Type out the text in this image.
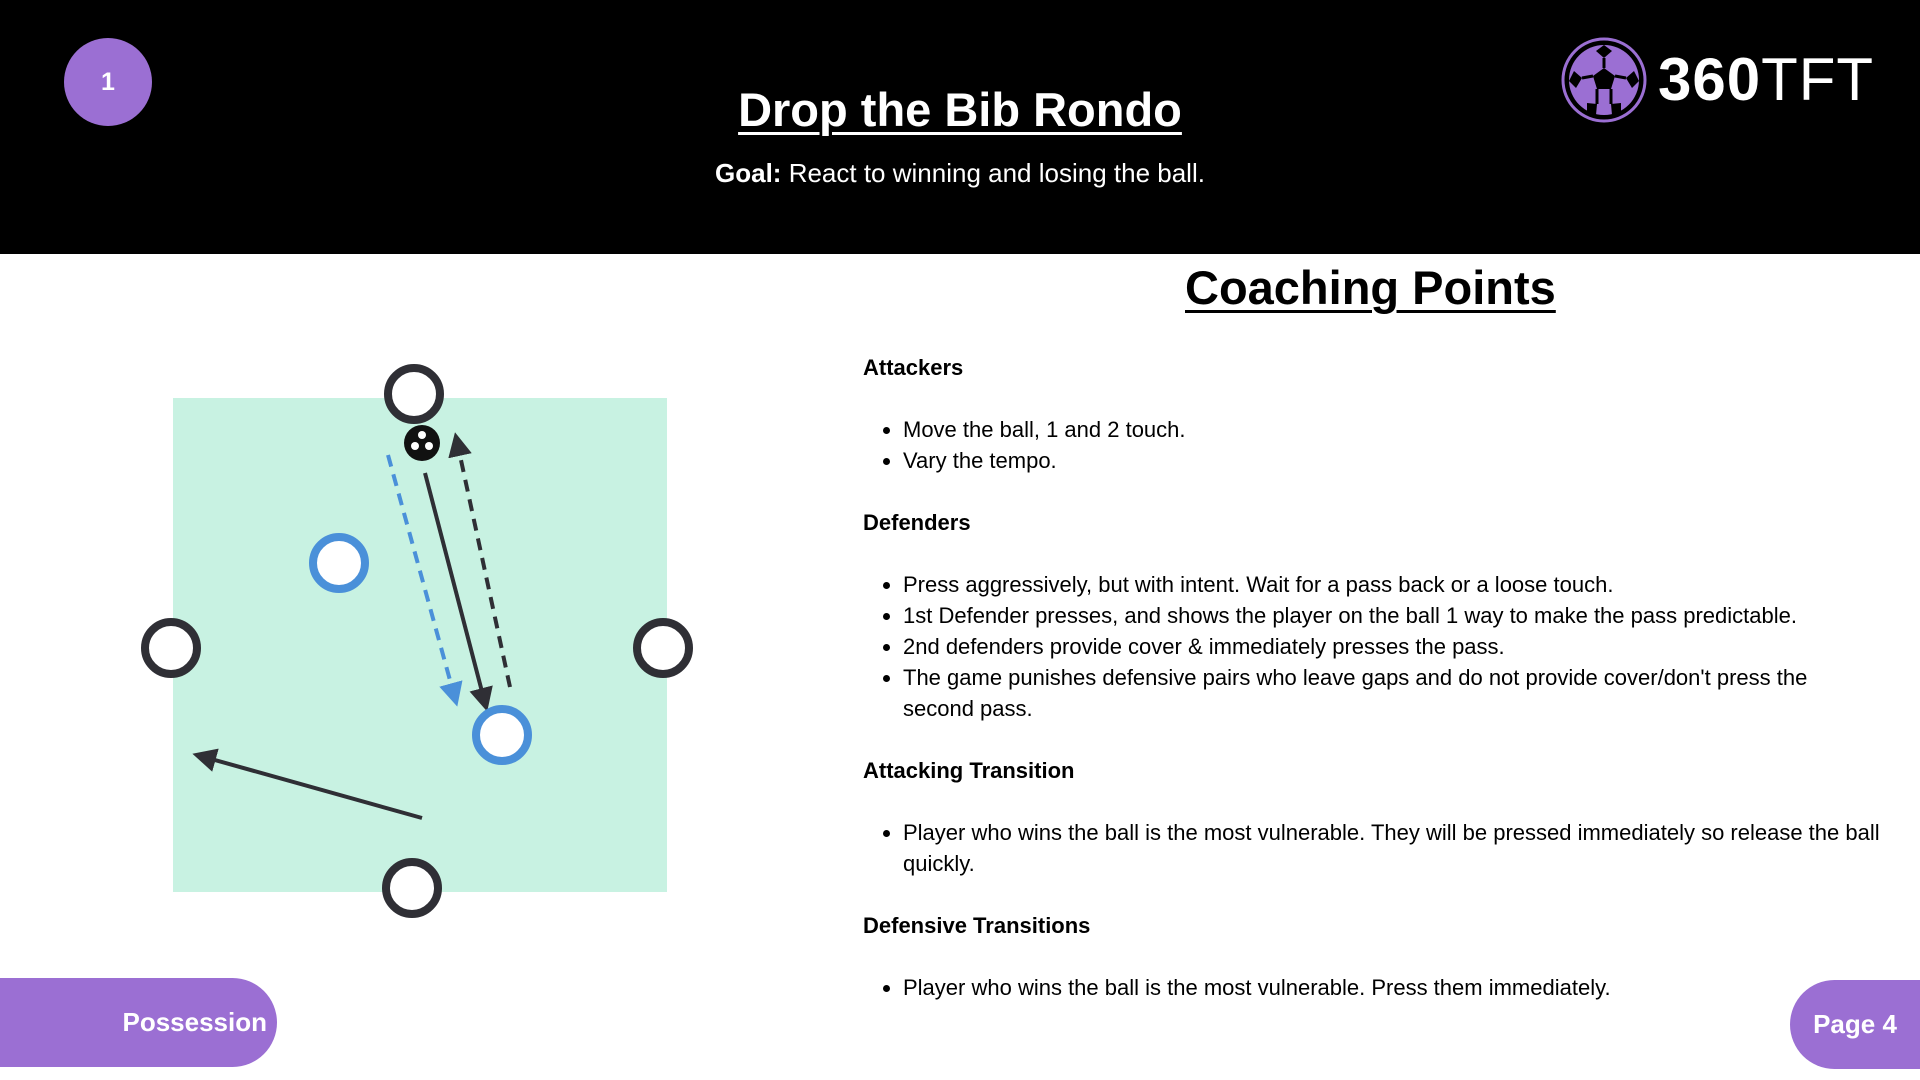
1
Drop the Bib Rondo
Goal: React to winning and losing the ball.
360TFT
Coaching Points

Attackers

• Move the ball, 1 and 2 touch.
• Vary the tempo.

Defenders

• Press aggressively, but with intent. Wait for a pass back or a loose touch.
• 1st Defender presses, and shows the player on the ball 1 way to make the pass predictable.
• 2nd defenders provide cover & immediately presses the pass.
• The game punishes defensive pairs who leave gaps and do not provide cover/don't press the second pass.

Attacking Transition

• Player who wins the ball is the most vulnerable. They will be pressed immediately so release the ball quickly.

Defensive Transitions

• Player who wins the ball is the most vulnerable. Press them immediately.
Possession	Page 4
